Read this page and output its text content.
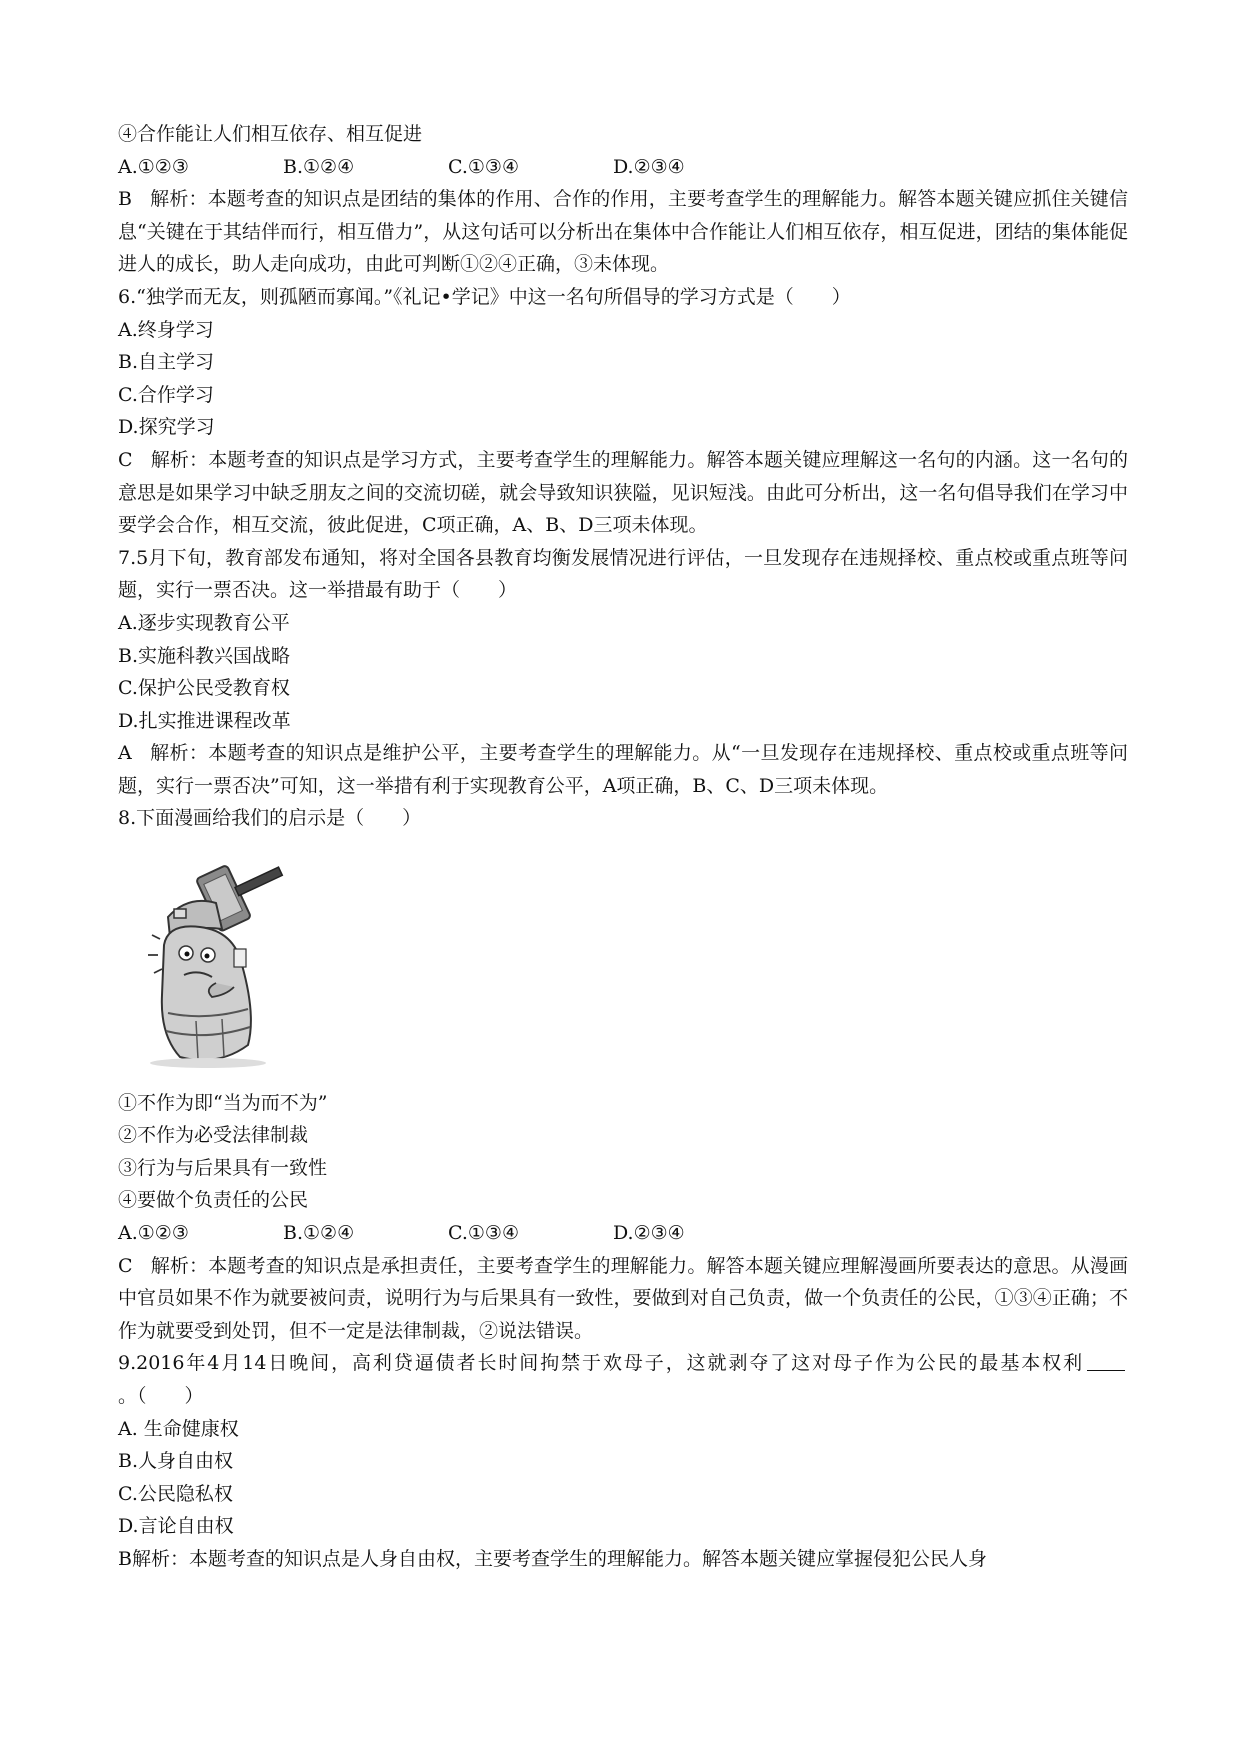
④合作能让人们相互依存、相互促进
A.①②③	B.①②④	C.①③④	D.②③④
B 解析：本题考查的知识点是团结的集体的作用、合作的作用，主要考查学生的理解能力。解答本题关键应抓住关键信息“关键在于其结伴而行，相互借力”，从这句话可以分析出在集体中合作能让人们相互依存，相互促进，团结的集体能促进人的成长，助人走向成功，由此可判断①②④正确，③未体现。
6.“独学而无友，则孤陋而寡闻。”《礼记•学记》中这一名句所倡导的学习方式是（　　）
A.终身学习
B.自主学习
C.合作学习
D.探究学习
C 解析：本题考查的知识点是学习方式，主要考查学生的理解能力。解答本题关键应理解这一名句的内涵。这一名句的意思是如果学习中缺乏朋友之间的交流切磋，就会导致知识狭隘，见识短浅。由此可分析出，这一名句倡导我们在学习中要学会合作，相互交流，彼此促进，C项正确，A、B、D三项未体现。
7.5月下旬，教育部发布通知，将对全国各县教育均衡发展情况进行评估，一旦发现存在违规择校、重点校或重点班等问题，实行一票否决。这一举措最有助于（　　）
A.逐步实现教育公平
B.实施科教兴国战略
C.保护公民受教育权
D.扎实推进课程改革
A 解析：本题考查的知识点是维护公平，主要考查学生的理解能力。从“一旦发现存在违规择校、重点校或重点班等问题，实行一票否决”可知，这一举措有利于实现教育公平，A项正确，B、C、D三项未体现。
8.下面漫画给我们的启示是（　　）
①不作为即“当为而不为”
②不作为必受法律制裁
③行为与后果具有一致性
④要做个负责任的公民
A.①②③	B.①②④	C.①③④	D.②③④
C 解析：本题考查的知识点是承担责任，主要考查学生的理解能力。解答本题关键应理解漫画所要表达的意思。从漫画中官员如果不作为就要被问责，说明行为与后果具有一致性，要做到对自己负责，做一个负责任的公民，①③④正确；不作为就要受到处罚，但不一定是法律制裁，②说法错误。
9.2016年4月14日晚间，高利贷逼债者长时间拘禁于欢母子，这就剥夺了这对母子作为公民的最基本权利。（　　）
A. 生命健康权
B.人身自由权
C.公民隐私权
D.言论自由权
B解析：本题考查的知识点是人身自由权，主要考查学生的理解能力。解答本题关键应掌握侵犯公民人身
